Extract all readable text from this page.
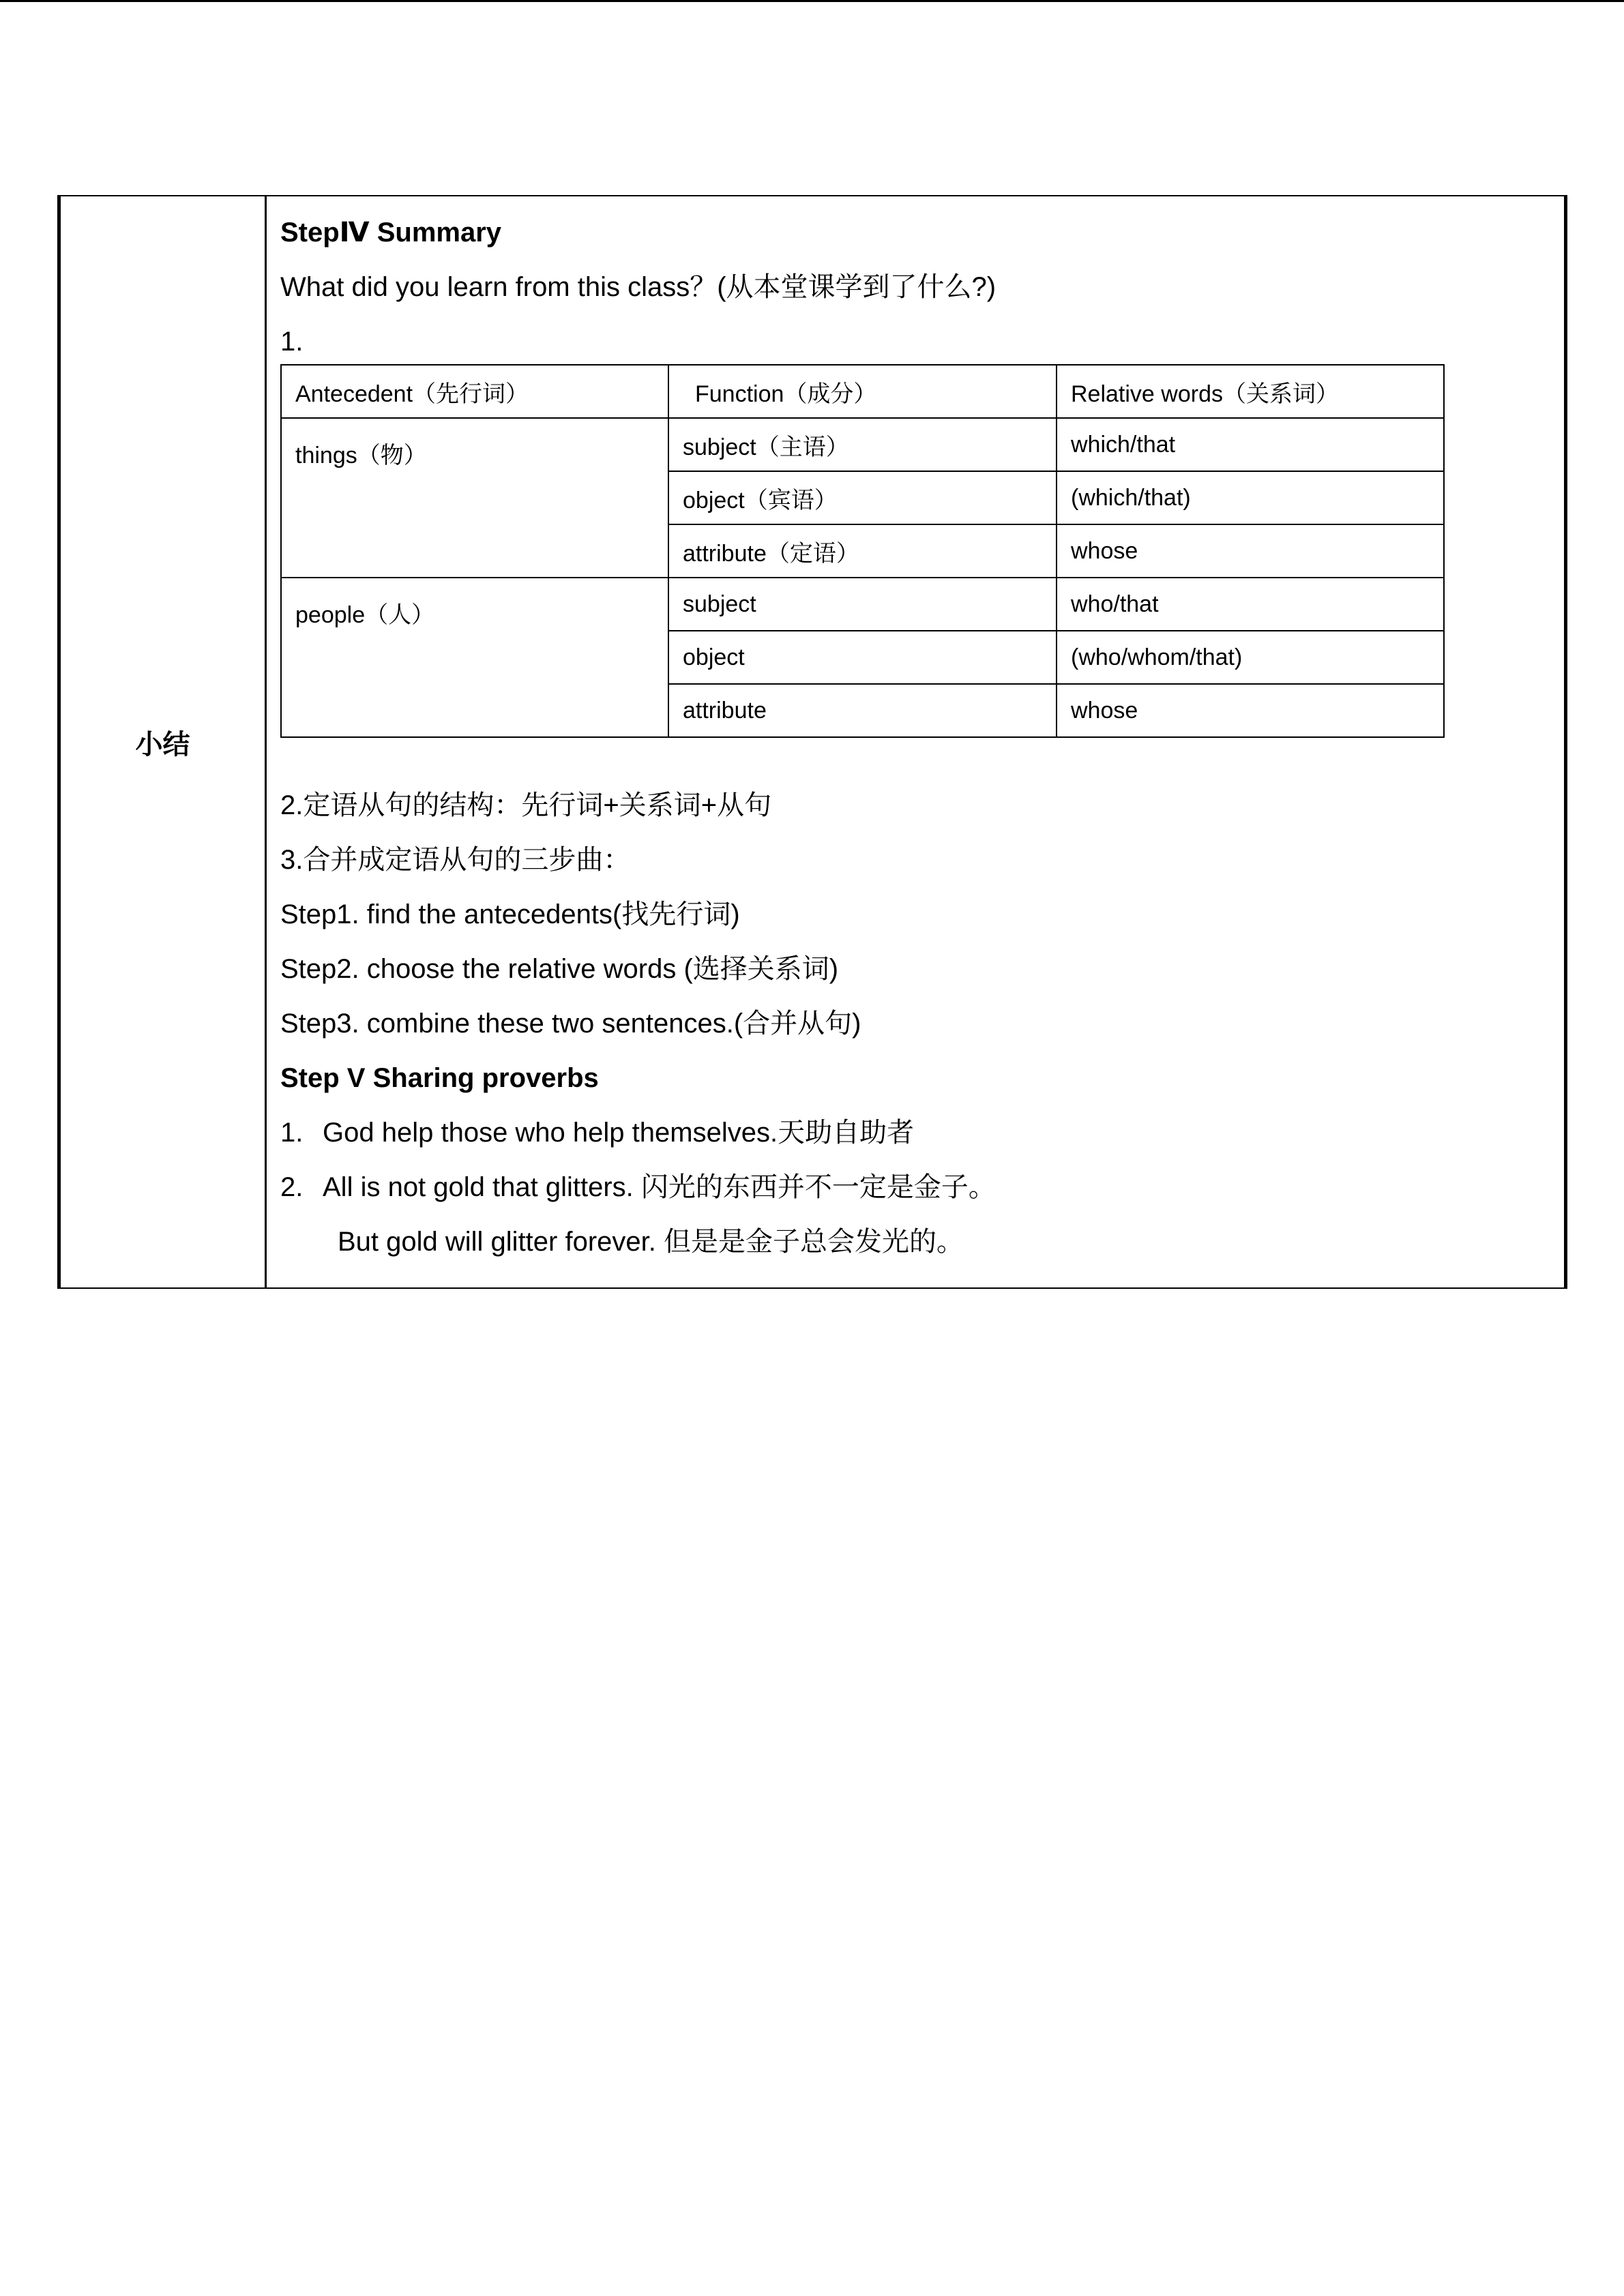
小结
StepⅣ Summary
What did you learn from this class？(从本堂课学到了什么?)
1.
Antecedent（先行词）	Function（成分）	Relative words（关系词）
things（物）	subject（主语）	which/that
	object（宾语）	(which/that)
	attribute（定语）	whose
people（人）	subject	who/that
	object	(who/whom/that)
	attribute	whose
2.定语从句的结构：先行词+关系词+从句
3.合并成定语从句的三步曲：
Step1. find the antecedents(找先行词)
Step2. choose the relative words (选择关系词)
Step3. combine these two sentences.(合并从句)
Step V Sharing proverbs
1. God help those who help themselves.天助自助者
2. All is not gold that glitters. 闪光的东西并不一定是金子。
But gold will glitter forever. 但是是金子总会发光的。
